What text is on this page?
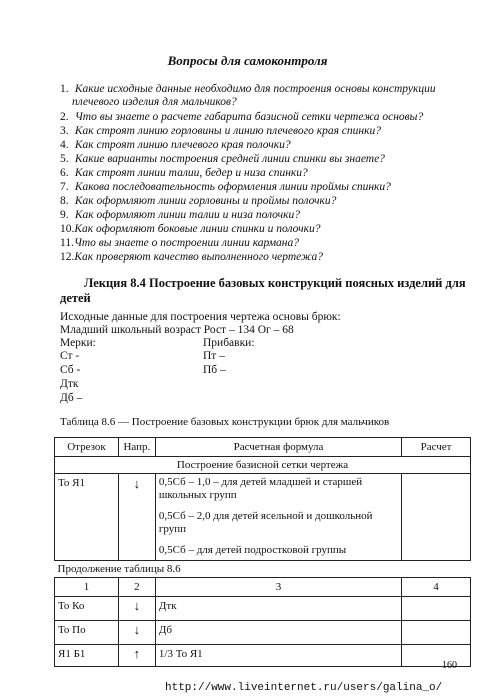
Вопросы для самоконтроля
1. Какие исходные данные необходимо для построения основы конструкции
плечевого изделия для мальчиков?
2. Что вы знаете о расчете габарита базисной сетки чертежа основы?
3. Как строят линию горловины и линию плечевого края спинки?
4. Как строят линию плечевого края полочки?
5. Какие варианты построения средней линии спинки вы знаете?
6. Как строят линии талии, бедер и низа спинки?
7. Какова последовательность оформления линии проймы спинки?
8. Как оформляют линии горловины и проймы полочки?
9. Как оформляют линии талии и низа полочки?
10.Как оформляют боковые линии спинки и полочки?
11.Что вы знаете о построении линии кармана?
12.Как проверяют качество выполненного чертежа?
Лекция 8.4 Построение базовых конструкций поясных изделий для
детей
Исходные данные для построения чертежа основы брюк:
Младший школьный возраст Рост – 134 Ог – 68
Мерки:	Прибавки:
Ст -	Пт –
Сб -	Пб –
Дтк
Дб –
Таблица 8.6 — Построение базовых конструкции брюк для мальчиков
Отрезок	Напр.	Расчетная формула	Расчет
Построение базисной сетки чертежа			
То Я1	↓	0,5Сб – 1,0 – для детей младшей и старшей школьных групп
0,5Сб – 2,0 для детей ясельной и дошкольной групп
0,5Сб – для детей подростковой группы	

Продолжение таблицы 8.6			
1	2	3	4
То Ко	↓	Дтк	
То По	↓	Дб	
Я1 Б1	↑	1/3 То Я1	
160
http://www.liveinternet.ru/users/galina_o/
